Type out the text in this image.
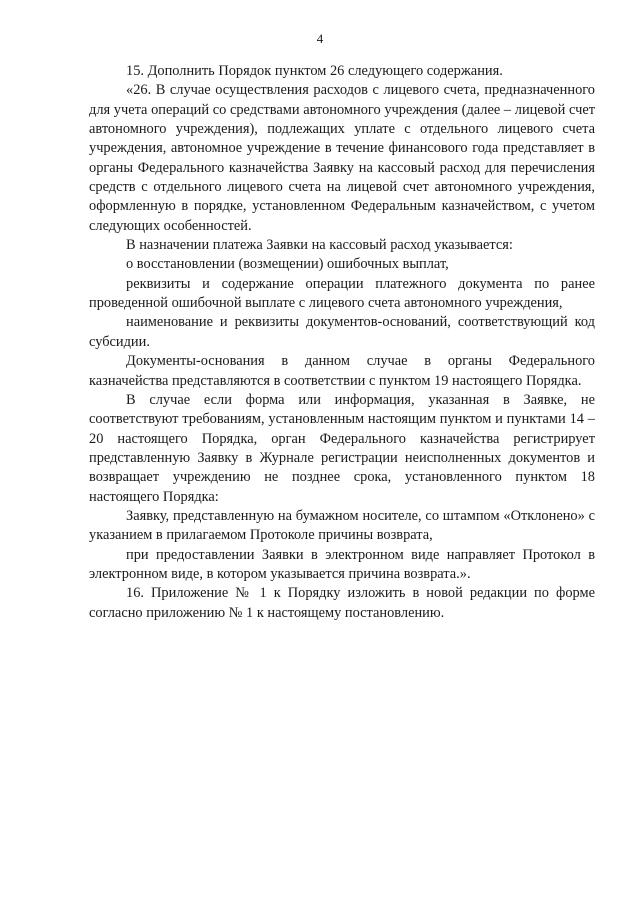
4

15. Дополнить Порядок пунктом 26 следующего содержания.

«26. В случае осуществления расходов с лицевого счета, предназначенного для учета операций со средствами автономного учреждения (далее – лицевой счет автономного учреждения), подлежащих уплате с отдельного лицевого счета учреждения, автономное учреждение в течение финансового года представляет в органы Федерального казначейства Заявку на кассовый расход для перечисления средств с отдельного лицевого счета на лицевой счет автономного учреждения, оформленную в порядке, установленном Федеральным казначейством, с учетом следующих особенностей.

В назначении платежа Заявки на кассовый расход указывается:

о восстановлении (возмещении) ошибочных выплат,

реквизиты и содержание операции платежного документа по ранее проведенной ошибочной выплате с лицевого счета автономного учреждения,

наименование и реквизиты документов-оснований, соответствующий код субсидии.

Документы-основания в данном случае в органы Федерального казначейства представляются в соответствии с пунктом 19 настоящего Порядка.

В случае если форма или информация, указанная в Заявке, не соответствуют требованиям, установленным настоящим пунктом и пунктами 14 – 20 настоящего Порядка, орган Федерального казначейства регистрирует представленную Заявку в Журнале регистрации неисполненных документов и возвращает учреждению не позднее срока, установленного пунктом 18 настоящего Порядка:

Заявку, представленную на бумажном носителе, со штампом «Отклонено» с указанием в прилагаемом Протоколе причины возврата,

при предоставлении Заявки в электронном виде направляет Протокол в электронном виде, в котором указывается причина возврата.».

16. Приложение № 1 к Порядку изложить в новой редакции по форме согласно приложению № 1 к настоящему постановлению.
